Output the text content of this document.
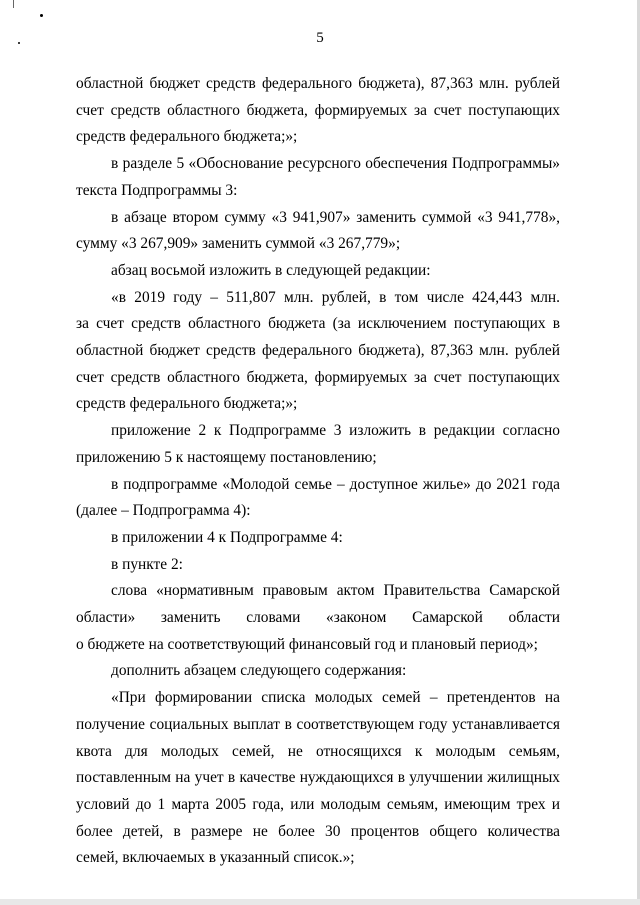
5
областной бюджет средств федерального бюджета), 87,363 млн. рублей
счет средств областного бюджета, формируемых за счет поступающих
средств федерального бюджета;»;
в разделе 5 «Обоснование ресурсного обеспечения Подпрограммы»
текста Подпрограммы 3:
в абзаце втором сумму «3 941,907» заменить суммой «3 941,778»,
сумму «3 267,909» заменить суммой «3 267,779»;
абзац восьмой изложить в следующей редакции:
«в 2019 году – 511,807 млн. рублей, в том числе 424,443 млн.
за счет средств областного бюджета (за исключением поступающих в
областной бюджет средств федерального бюджета), 87,363 млн. рублей
счет средств областного бюджета, формируемых за счет поступающих
средств федерального бюджета;»;
приложение 2 к Подпрограмме 3 изложить в редакции согласно
приложению 5 к настоящему постановлению;
в подпрограмме «Молодой семье – доступное жилье» до 2021 года
(далее – Подпрограмма 4):
в приложении 4 к Подпрограмме 4:
в пункте 2:
слова «нормативным правовым актом Правительства Самарской
области» заменить словами «законом Самарской области
о бюджете на соответствующий финансовый год и плановый период»;
дополнить абзацем следующего содержания:
«При формировании списка молодых семей – претендентов на
получение социальных выплат в соответствующем году устанавливается
квота для молодых семей, не относящихся к молодым семьям,
поставленным на учет в качестве нуждающихся в улучшении жилищных
условий до 1 марта 2005 года, или молодым семьям, имеющим трех и
более детей, в размере не более 30 процентов общего количества
семей, включаемых в указанный список.»;
